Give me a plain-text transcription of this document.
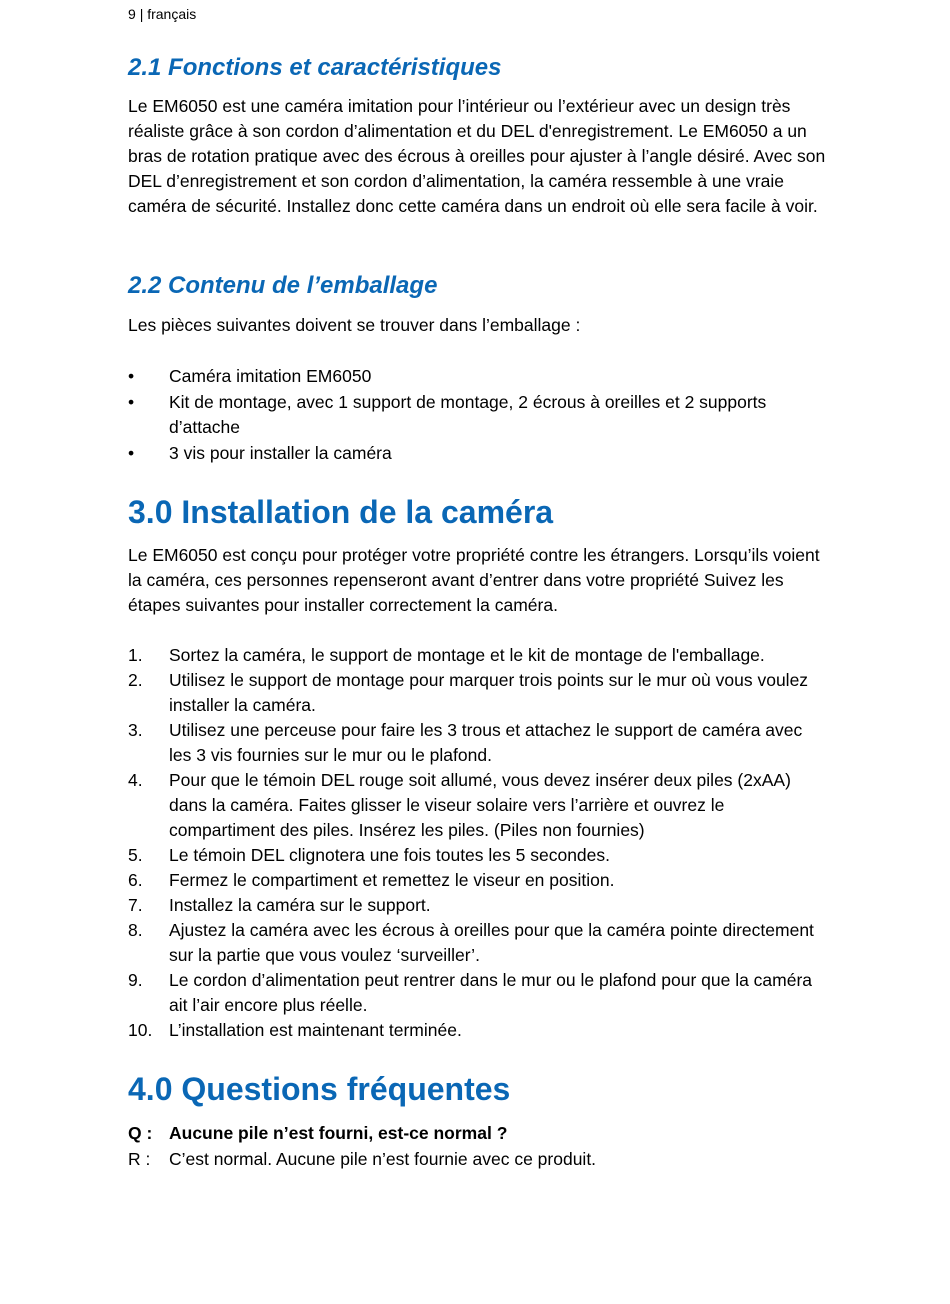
9 | français
2.1 Fonctions et caractéristiques

Le EM6050 est une caméra imitation pour l’intérieur ou l’extérieur avec un design très réaliste grâce à son cordon d’alimentation et du DEL d'enregistrement. Le EM6050 a un bras de rotation pratique avec des écrous à oreilles pour ajuster à l’angle désiré. Avec son DEL d’enregistrement et son cordon d’alimentation, la caméra ressemble à une vraie caméra de sécurité. Installez donc cette caméra dans un endroit où elle sera facile à voir.

2.2 Contenu de l’emballage

Les pièces suivantes doivent se trouver dans l’emballage :

• Caméra imitation EM6050
• Kit de montage, avec 1 support de montage, 2 écrous à oreilles et 2 supports d’attache
• 3 vis pour installer la caméra
3.0 Installation de la caméra

Le EM6050 est conçu pour protéger votre propriété contre les étrangers. Lorsqu’ils voient la caméra, ces personnes repenseront avant d’entrer dans votre propriété Suivez les étapes suivantes pour installer correctement la caméra.

1. Sortez la caméra, le support de montage et le kit de montage de l'emballage.
2. Utilisez le support de montage pour marquer trois points sur le mur où vous voulez installer la caméra.
3. Utilisez une perceuse pour faire les 3 trous et attachez le support de caméra avec les 3 vis fournies sur le mur ou le plafond.
4. Pour que le témoin DEL rouge soit allumé, vous devez insérer deux piles (2xAA) dans la caméra. Faites glisser le viseur solaire vers l’arrière et ouvrez le compartiment des piles. Insérez les piles. (Piles non fournies)
5. Le témoin DEL clignotera une fois toutes les 5 secondes.
6. Fermez le compartiment et remettez le viseur en position.
7. Installez la caméra sur le support.
8. Ajustez la caméra avec les écrous à oreilles pour que la caméra pointe directement sur la partie que vous voulez ‘surveiller’.
9. Le cordon d’alimentation peut rentrer dans le mur ou le plafond pour que la caméra ait l’air encore plus réelle.
10. L’installation est maintenant terminée.
4.0 Questions fréquentes
Q : Aucune pile n’est fourni, est-ce normal ?
R : C’est normal. Aucune pile n’est fournie avec ce produit.
